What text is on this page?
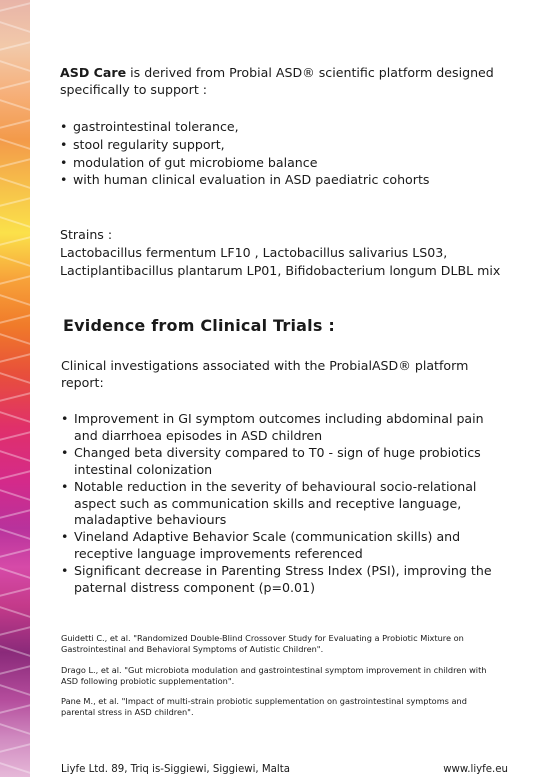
ASD Care is derived from Probial ASD® scientific platform designed specifically to support :

• gastrointestinal tolerance,
• stool regularity support,
• modulation of gut microbiome balance
• with human clinical evaluation in ASD paediatric cohorts

Strains :

Lactobacillus fermentum LF10 , Lactobacillus salivarius LS03,

Lactiplantibacillus plantarum LP01, Bifidobacterium longum DLBL mix

Evidence from Clinical Trials :

Clinical investigations associated with the ProbialASD® platform report:

• Improvement in GI symptom outcomes including abdominal pain and diarrhoea episodes in ASD children
• Changed beta diversity compared to T0 - sign of huge probiotics intestinal colonization
• Notable reduction in the severity of behavioural socio-relational aspect such as communication skills and receptive language, maladaptive behaviours
• Vineland Adaptive Behavior Scale (communication skills) and receptive language improvements referenced
• Significant decrease in Parenting Stress Index (PSI), improving the paternal distress component (p=0.01)

Guidetti C., et al. "Randomized Double-Blind Crossover Study for Evaluating a Probiotic Mixture on Gastrointestinal and Behavioral Symptoms of Autistic Children".

Drago L., et al. "Gut microbiota modulation and gastrointestinal symptom improvement in children with ASD following probiotic supplementation".

Pane M., et al. "Impact of multi-strain probiotic supplementation on gastrointestinal symptoms and parental stress in ASD children".

Liyfe Ltd. 89, Triq is-Siggiewi, Siggiewi, Malta	www.liyfe.eu
